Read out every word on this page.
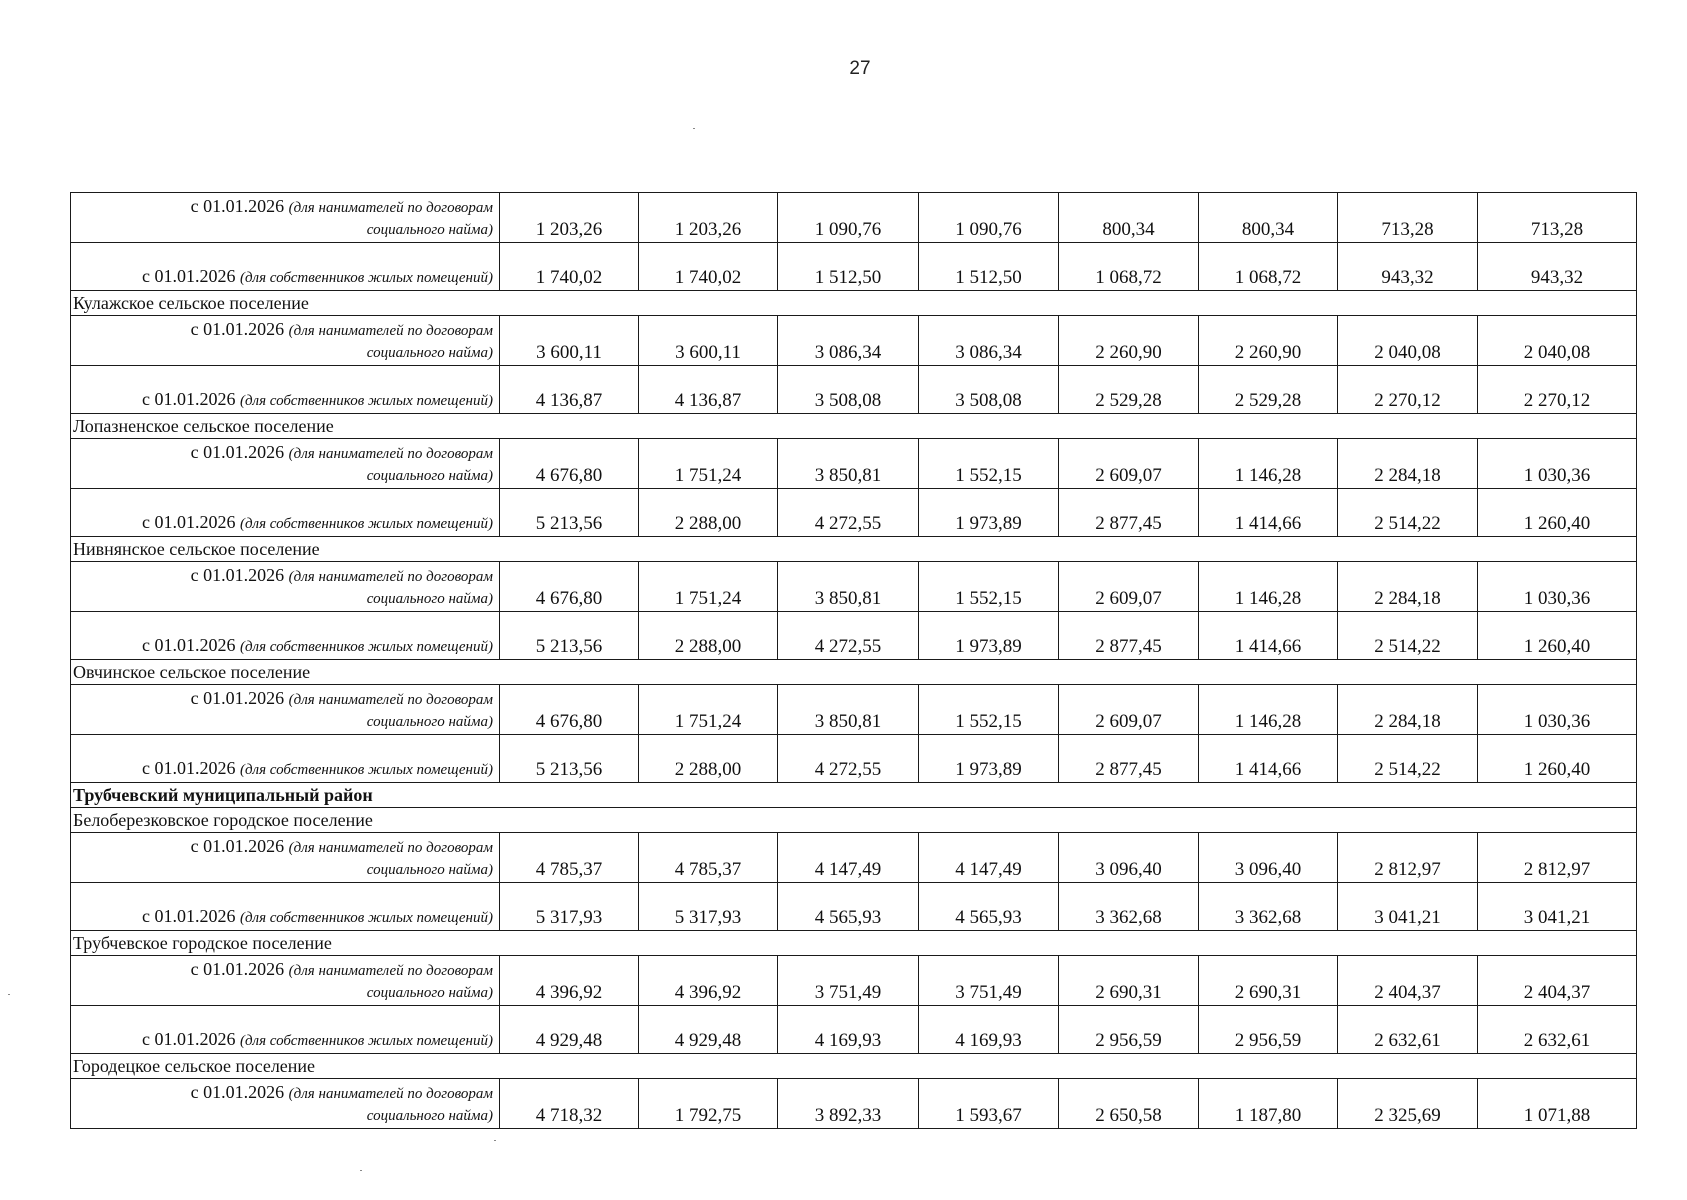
27
с 01.01.2026 (для нанимателей по договорам
социального найма)	1 203,26	1 203,26	1 090,76	1 090,76	800,34	800,34	713,28	713,28
с 01.01.2026 (для собственников жилых помещений)	1 740,02	1 740,02	1 512,50	1 512,50	1 068,72	1 068,72	943,32	943,32
Кулажское сельское поселение								
с 01.01.2026 (для нанимателей по договорам
социального найма)	3 600,11	3 600,11	3 086,34	3 086,34	2 260,90	2 260,90	2 040,08	2 040,08
с 01.01.2026 (для собственников жилых помещений)	4 136,87	4 136,87	3 508,08	3 508,08	2 529,28	2 529,28	2 270,12	2 270,12
Лопазненское сельское поселение								
с 01.01.2026 (для нанимателей по договорам
социального найма)	4 676,80	1 751,24	3 850,81	1 552,15	2 609,07	1 146,28	2 284,18	1 030,36
с 01.01.2026 (для собственников жилых помещений)	5 213,56	2 288,00	4 272,55	1 973,89	2 877,45	1 414,66	2 514,22	1 260,40
Нивнянское сельское поселение								
с 01.01.2026 (для нанимателей по договорам
социального найма)	4 676,80	1 751,24	3 850,81	1 552,15	2 609,07	1 146,28	2 284,18	1 030,36
с 01.01.2026 (для собственников жилых помещений)	5 213,56	2 288,00	4 272,55	1 973,89	2 877,45	1 414,66	2 514,22	1 260,40
Овчинское сельское поселение								
с 01.01.2026 (для нанимателей по договорам
социального найма)	4 676,80	1 751,24	3 850,81	1 552,15	2 609,07	1 146,28	2 284,18	1 030,36
с 01.01.2026 (для собственников жилых помещений)	5 213,56	2 288,00	4 272,55	1 973,89	2 877,45	1 414,66	2 514,22	1 260,40
Трубчевский муниципальный район								
Белоберезковское городское поселение								
с 01.01.2026 (для нанимателей по договорам
социального найма)	4 785,37	4 785,37	4 147,49	4 147,49	3 096,40	3 096,40	2 812,97	2 812,97
с 01.01.2026 (для собственников жилых помещений)	5 317,93	5 317,93	4 565,93	4 565,93	3 362,68	3 362,68	3 041,21	3 041,21
Трубчевское городское поселение								
с 01.01.2026 (для нанимателей по договорам
социального найма)	4 396,92	4 396,92	3 751,49	3 751,49	2 690,31	2 690,31	2 404,37	2 404,37
с 01.01.2026 (для собственников жилых помещений)	4 929,48	4 929,48	4 169,93	4 169,93	2 956,59	2 956,59	2 632,61	2 632,61
Городецкое сельское поселение								
с 01.01.2026 (для нанимателей по договорам
социального найма)	4 718,32	1 792,75	3 892,33	1 593,67	2 650,58	1 187,80	2 325,69	1 071,88
